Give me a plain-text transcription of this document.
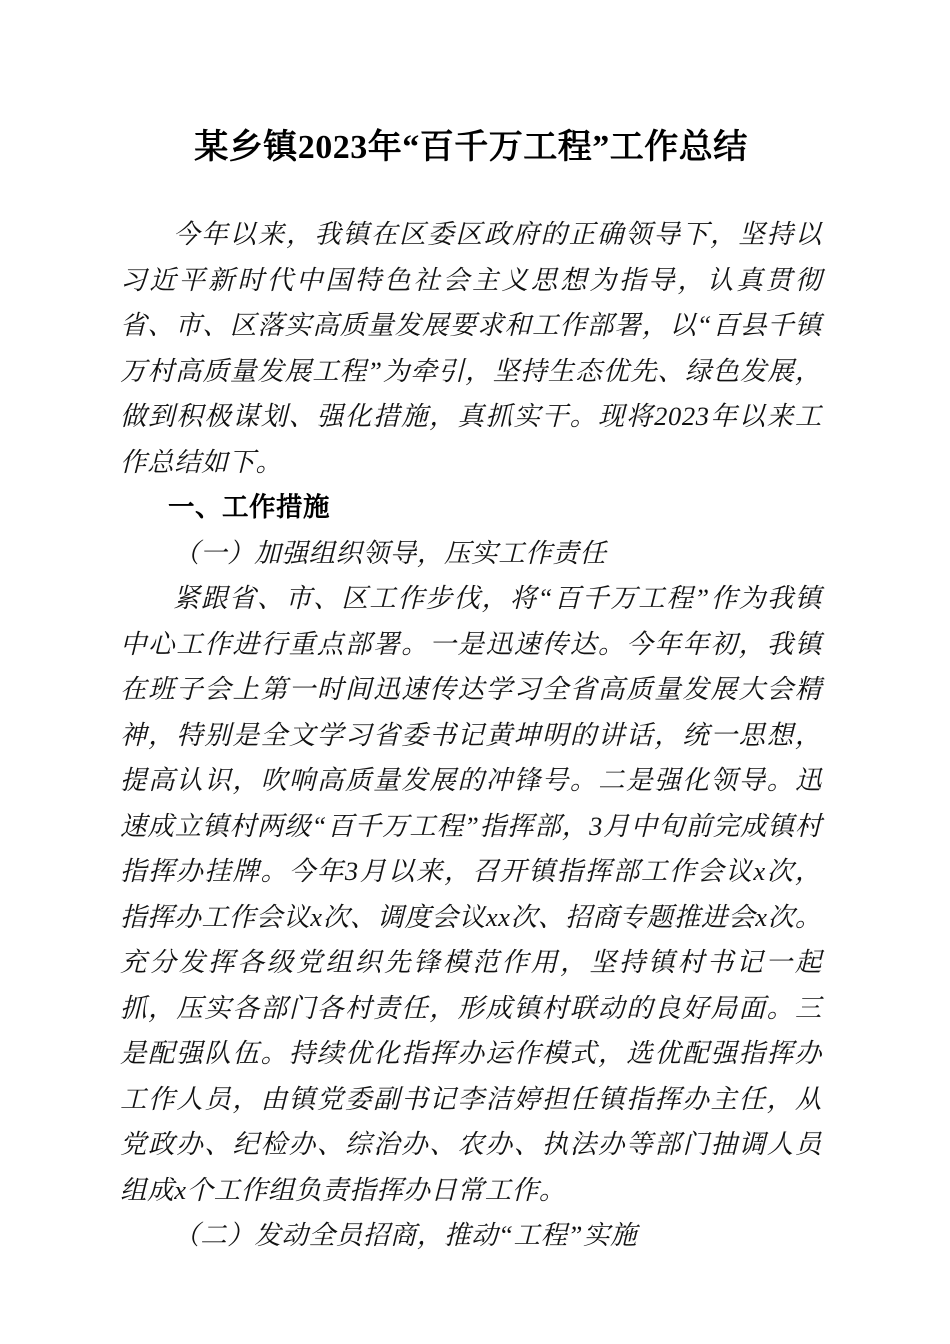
某乡镇2023年“百千万工程”工作总结

今年以来，我镇在区委区政府的正确领导下，坚持以习近平新时代中国特色社会主义思想为指导，认真贯彻省、市、区落实高质量发展要求和工作部署，以“百县千镇万村高质量发展工程”为牵引，坚持生态优先、绿色发展，做到积极谋划、强化措施，真抓实干。现将2023年以来工作总结如下。

一、工作措施
（一）加强组织领导，压实工作责任

紧跟省、市、区工作步伐，将“百千万工程”作为我镇中心工作进行重点部署。一是迅速传达。今年年初，我镇在班子会上第一时间迅速传达学习全省高质量发展大会精神，特别是全文学习省委书记黄坤明的讲话，统一思想，提高认识，吹响高质量发展的冲锋号。二是强化领导。迅速成立镇村两级“百千万工程”指挥部，3月中旬前完成镇村指挥办挂牌。今年3月以来，召开镇指挥部工作会议x次，指挥办工作会议x次、调度会议xx次、招商专题推进会x次。充分发挥各级党组织先锋模范作用，坚持镇村书记一起抓，压实各部门各村责任，形成镇村联动的良好局面。三是配强队伍。持续优化指挥办运作模式，选优配强指挥办工作人员，由镇党委副书记李洁婷担任镇指挥办主任，从党政办、纪检办、综治办、农办、执法办等部门抽调人员组成x个工作组负责指挥办日常工作。

（二）发动全员招商，推动“工程”实施
